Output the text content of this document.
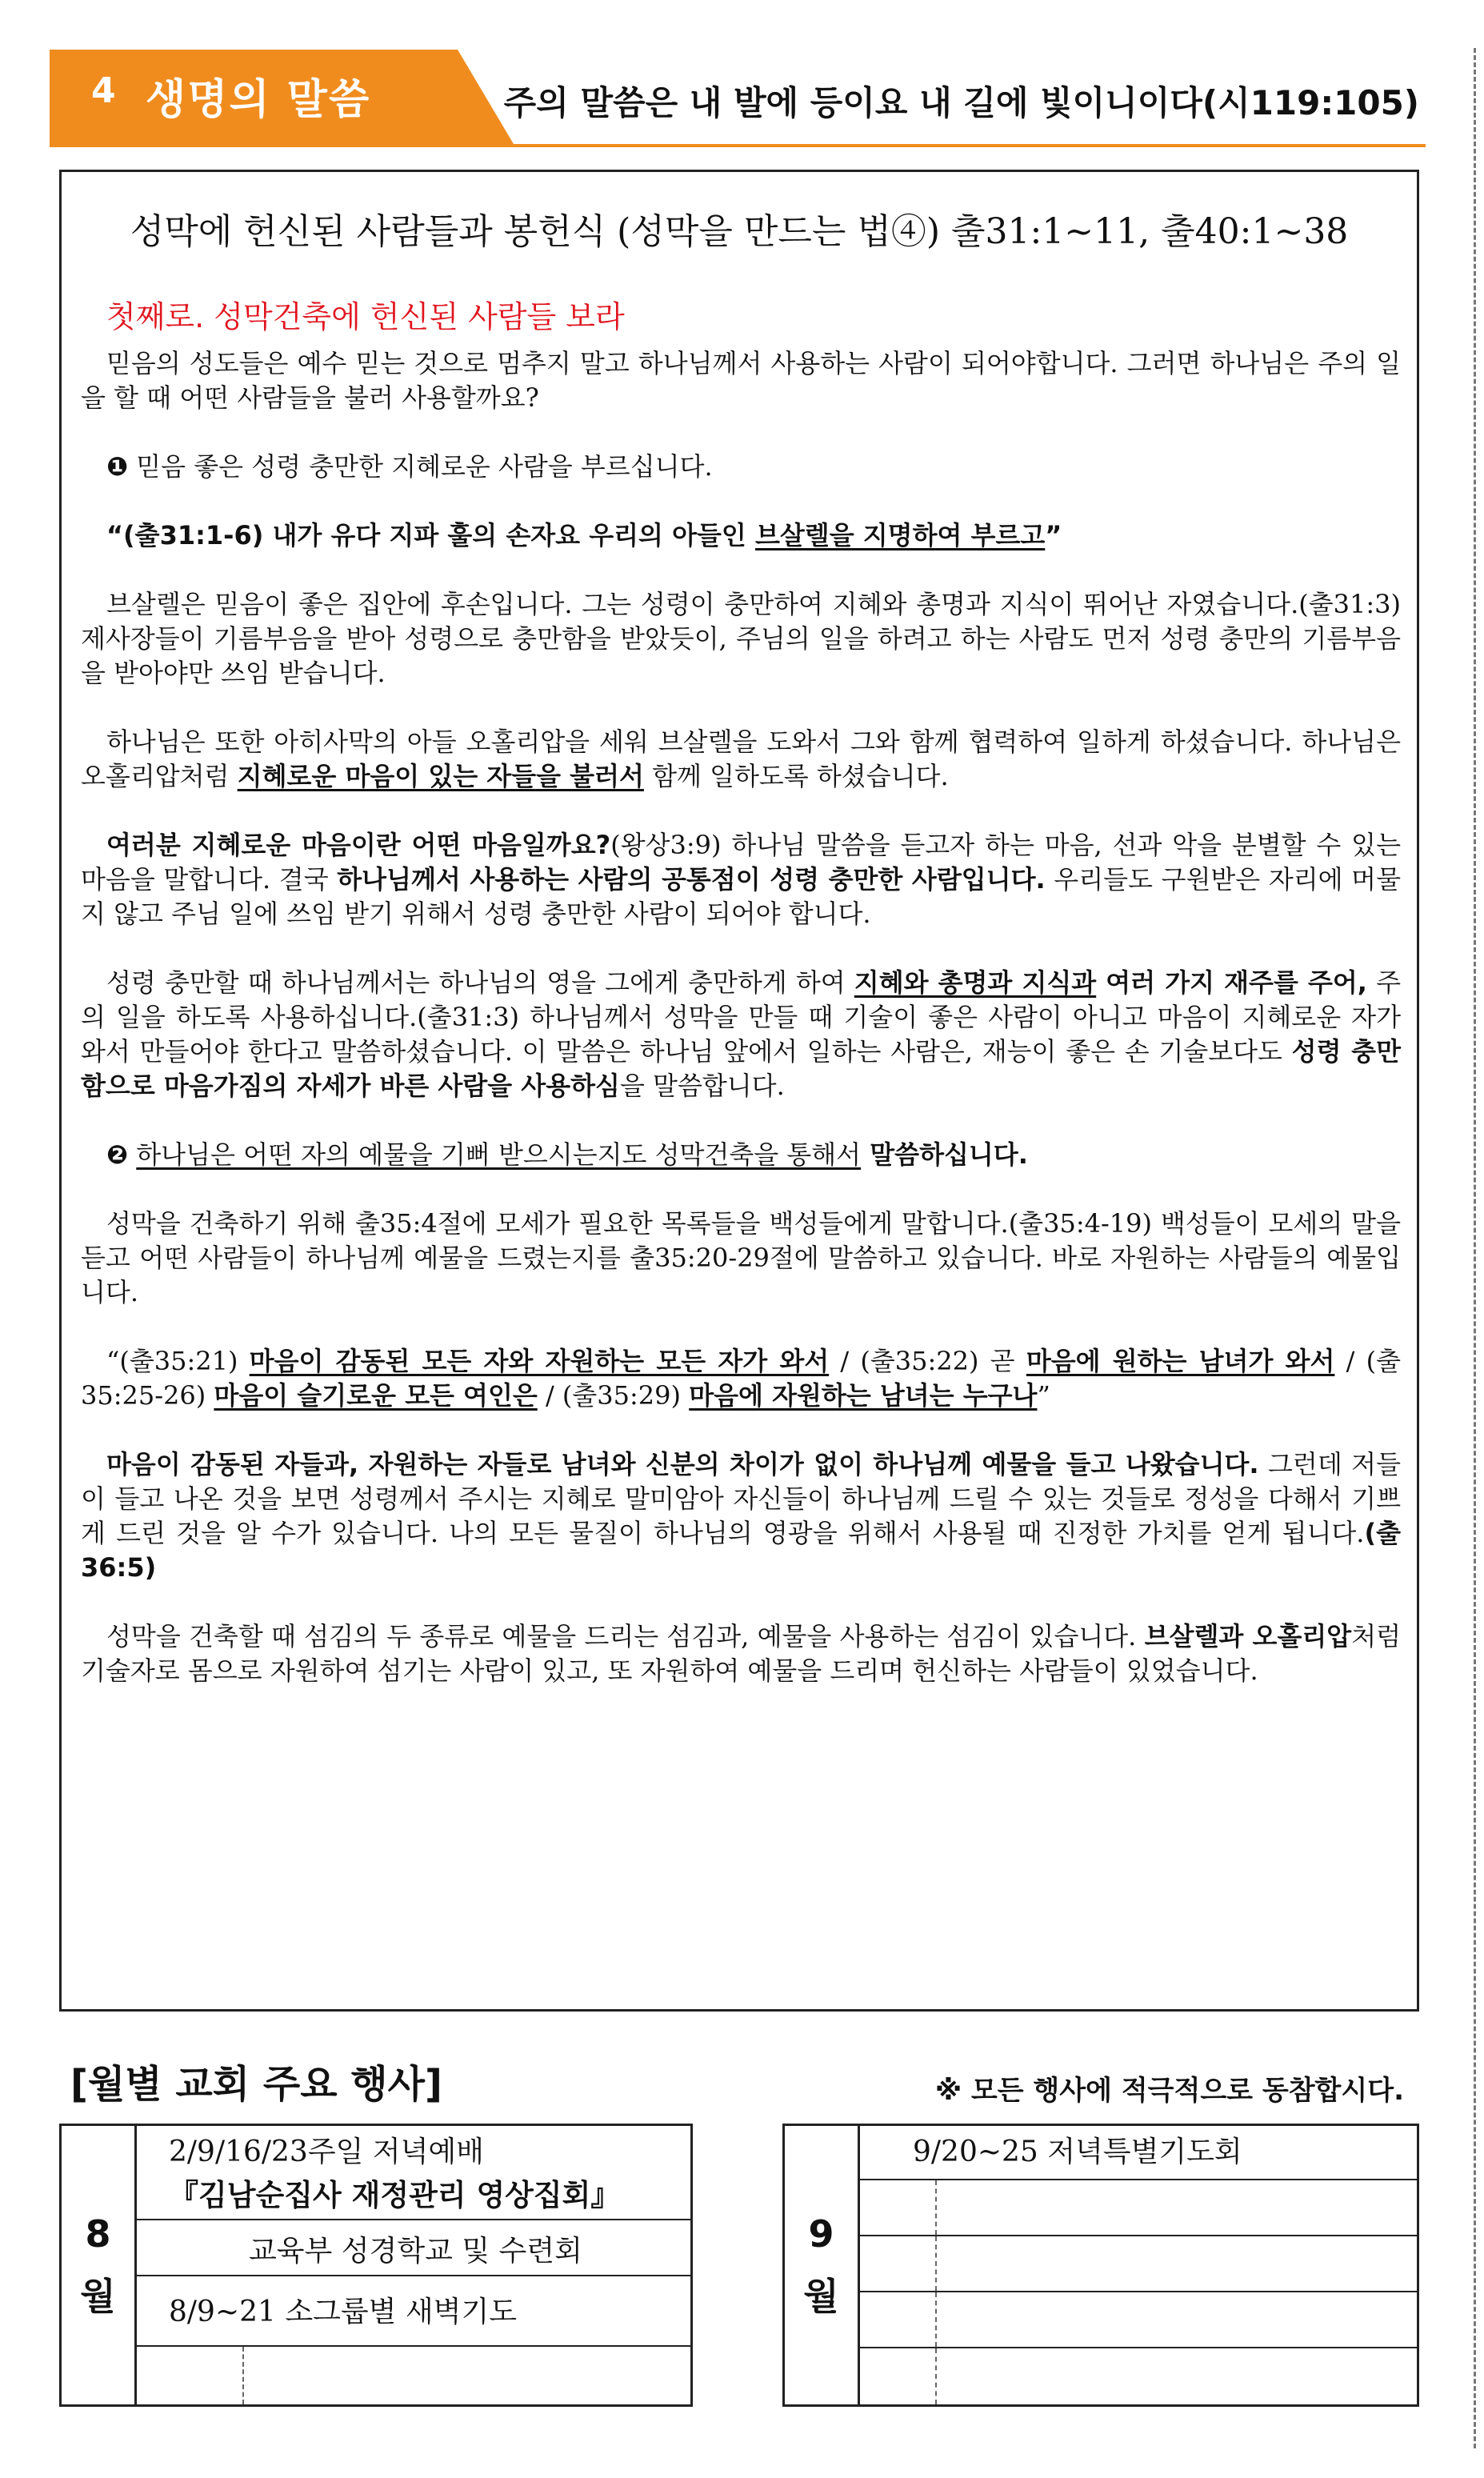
4 생명의 말씀	주의 말씀은 내 발에 등이요 내 길에 빛이니이다(시119:105)
성막에 헌신된 사람들과 봉헌식 (성막을 만드는 법④) 출31:1~11, 출40:1~38
첫째로. 성막건축에 헌신된 사람들 보라

믿음의 성도들은 예수 믿는 것으로 멈추지 말고 하나님께서 사용하는 사람이 되어야합니다. 그러면 하나님은 주의 일을 할 때 어떤 사람들을 불러 사용할까요?

❶ 믿음 좋은 성령 충만한 지혜로운 사람을 부르십니다.

“(출31:1-6) 내가 유다 지파 훌의 손자요 우리의 아들인 브살렐을 지명하여 부르고”

브살렐은 믿음이 좋은 집안에 후손입니다. 그는 성령이 충만하여 지혜와 총명과 지식이 뛰어난 자였습니다.(출31:3) 제사장들이 기름부음을 받아 성령으로 충만함을 받았듯이, 주님의 일을 하려고 하는 사람도 먼저 성령 충만의 기름부음을 받아야만 쓰임 받습니다.

하나님은 또한 아히사막의 아들 오홀리압을 세워 브살렐을 도와서 그와 함께 협력하여 일하게 하셨습니다. 하나님은 오홀리압처럼 지혜로운 마음이 있는 자들을 불러서 함께 일하도록 하셨습니다.

여러분 지혜로운 마음이란 어떤 마음일까요?(왕상3:9) 하나님 말씀을 듣고자 하는 마음, 선과 악을 분별할 수 있는 마음을 말합니다. 결국 하나님께서 사용하는 사람의 공통점이 성령 충만한 사람입니다. 우리들도 구원받은 자리에 머물지 않고 주님 일에 쓰임 받기 위해서 성령 충만한 사람이 되어야 합니다.

성령 충만할 때 하나님께서는 하나님의 영을 그에게 충만하게 하여 지혜와 총명과 지식과 여러 가지 재주를 주어, 주의 일을 하도록 사용하십니다.(출31:3) 하나님께서 성막을 만들 때 기술이 좋은 사람이 아니고 마음이 지혜로운 자가 와서 만들어야 한다고 말씀하셨습니다. 이 말씀은 하나님 앞에서 일하는 사람은, 재능이 좋은 손 기술보다도 성령 충만함으로 마음가짐의 자세가 바른 사람을 사용하심을 말씀합니다.

❷ 하나님은 어떤 자의 예물을 기뻐 받으시는지도 성막건축을 통해서 말씀하십니다.

성막을 건축하기 위해 출35:4절에 모세가 필요한 목록들을 백성들에게 말합니다.(출35:4-19) 백성들이 모세의 말을 듣고 어떤 사람들이 하나님께 예물을 드렸는지를 출35:20-29절에 말씀하고 있습니다. 바로 자원하는 사람들의 예물입니다.

“(출35:21) 마음이 감동된 모든 자와 자원하는 모든 자가 와서 / (출35:22) 곧 마음에 원하는 남녀가 와서 / (출35:25-26) 마음이 슬기로운 모든 여인은 / (출35:29) 마음에 자원하는 남녀는 누구나”

마음이 감동된 자들과, 자원하는 자들로 남녀와 신분의 차이가 없이 하나님께 예물을 들고 나왔습니다. 그런데 저들이 들고 나온 것을 보면 성령께서 주시는 지혜로 말미암아 자신들이 하나님께 드릴 수 있는 것들로 정성을 다해서 기쁘게 드린 것을 알 수가 있습니다. 나의 모든 물질이 하나님의 영광을 위해서 사용될 때 진정한 가치를 얻게 됩니다.(출36:5)

성막을 건축할 때 섬김의 두 종류로 예물을 드리는 섬김과, 예물을 사용하는 섬김이 있습니다. 브살렐과 오홀리압처럼 기술자로 몸으로 자원하여 섬기는 사람이 있고, 또 자원하여 예물을 드리며 헌신하는 사람들이 있었습니다.

[월별 교회 주요 행사]	※ 모든 행사에 적극적으로 동참합시다.
8
월
2/9/16/23주일 저녁예배
『김남순집사 재정관리 영상집회』
교육부 성경학교 및 수련회
8/9~21 소그룹별 새벽기도
9
월
9/20~25 저녁특별기도회
